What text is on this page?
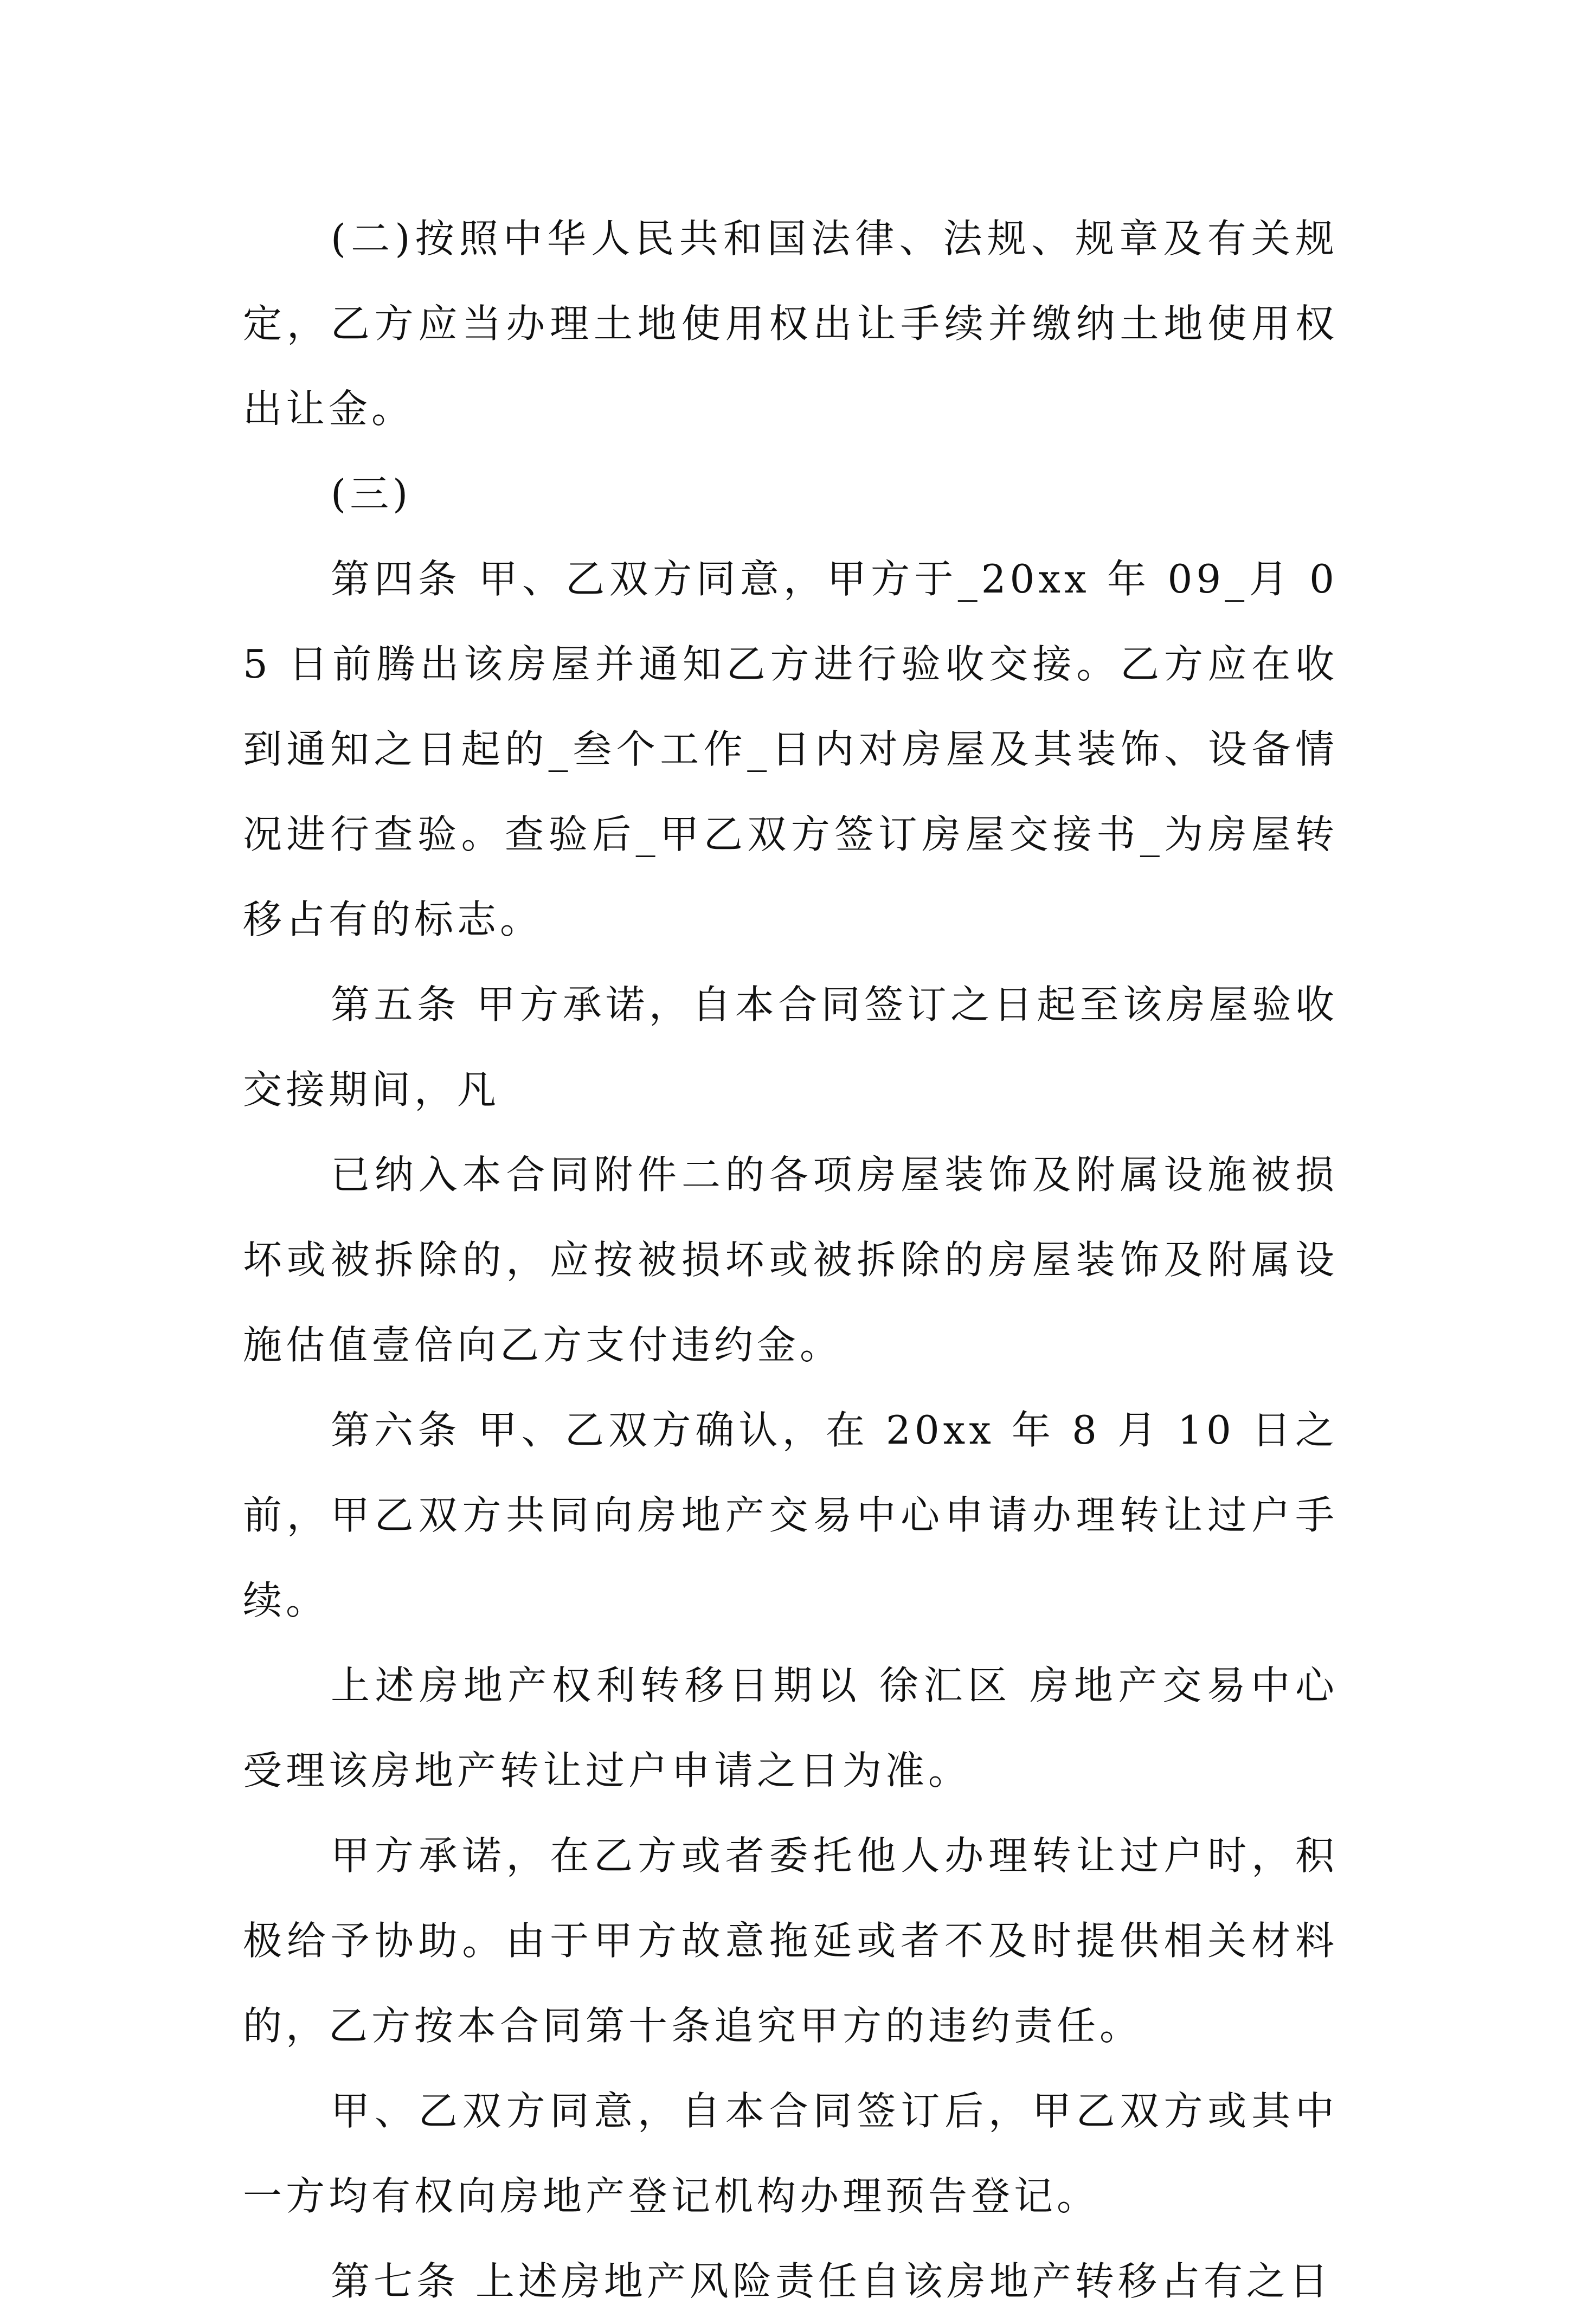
(二)按照中华人民共和国法律、法规、规章及有关规定，乙方应当办理土地使用权出让手续并缴纳土地使用权出让金。

(三)

第四条 甲、乙双方同意，甲方于_20xx 年 09_月 05 日前腾出该房屋并通知乙方进行验收交接。乙方应在收到通知之日起的_叁个工作_日内对房屋及其装饰、设备情况进行查验。查验后_甲乙双方签订房屋交接书_为房屋转移占有的标志。

第五条 甲方承诺，自本合同签订之日起至该房屋验收交接期间，凡

已纳入本合同附件二的各项房屋装饰及附属设施被损坏或被拆除的，应按被损坏或被拆除的房屋装饰及附属设施估值壹倍向乙方支付违约金。

第六条 甲、乙双方确认，在 20xx 年 8 月 10 日之前，甲乙双方共同向房地产交易中心申请办理转让过户手续。

上述房地产权利转移日期以 徐汇区 房地产交易中心受理该房地产转让过户申请之日为准。

甲方承诺，在乙方或者委托他人办理转让过户时，积极给予协助。由于甲方故意拖延或者不及时提供相关材料的，乙方按本合同第十条追究甲方的违约责任。

甲、乙双方同意，自本合同签订后，甲乙双方或其中一方均有权向房地产登记机构办理预告登记。

第七条 上述房地产风险责任自该房地产转移占有之日
